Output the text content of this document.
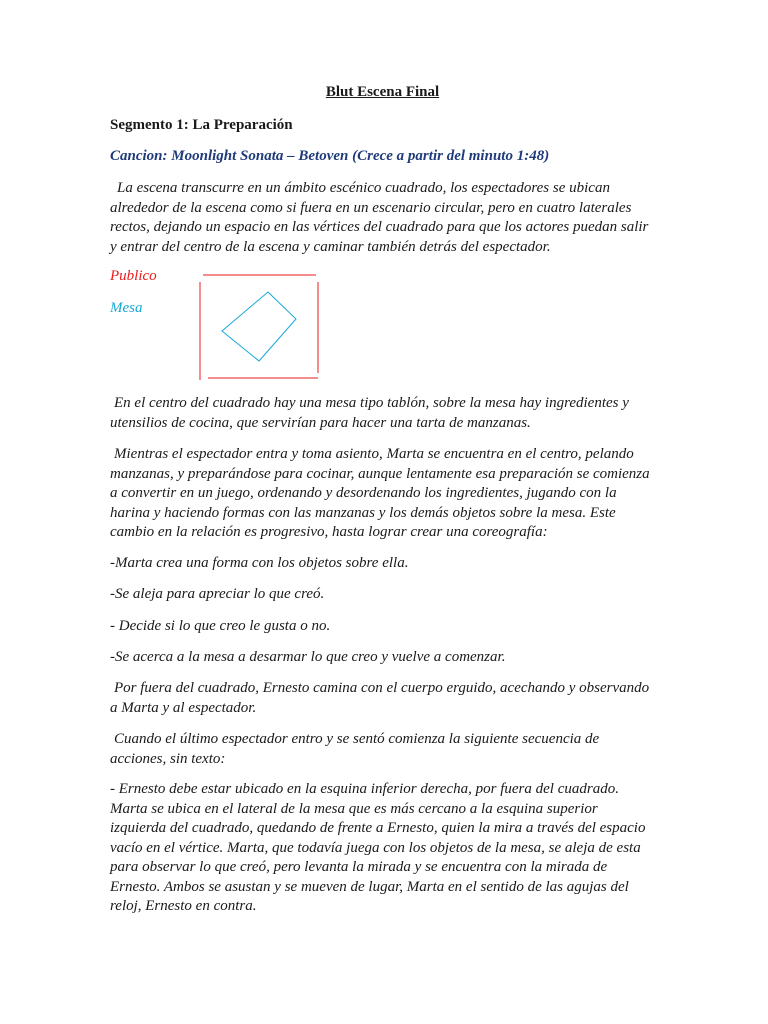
Blut Escena Final
Segmento 1: La Preparación
Cancion: Moonlight Sonata – Betoven (Crece a partir del minuto 1:48)

La escena transcurre en un ámbito escénico cuadrado, los espectadores se ubican alrededor de la escena como si fuera en un escenario circular, pero en cuatro laterales rectos, dejando un espacio en las vértices del cuadrado para que los actores puedan salir y entrar del centro de la escena y caminar también detrás del espectador.

Publico
Mesa

En el centro del cuadrado hay una mesa tipo tablón, sobre la mesa hay ingredientes y utensilios de cocina, que servirían para hacer una tarta de manzanas.

Mientras el espectador entra y toma asiento, Marta se encuentra en el centro, pelando manzanas, y preparándose para cocinar, aunque lentamente esa preparación se comienza a convertir en un juego, ordenando y desordenando los ingredientes, jugando con la harina y haciendo formas con las manzanas y los demás objetos sobre la mesa. Este cambio en la relación es progresivo, hasta lograr crear una coreografía:

-Marta crea una forma con los objetos sobre ella.

-Se aleja para apreciar lo que creó.

- Decide si lo que creo le gusta o no.

-Se acerca a la mesa a desarmar lo que creo y vuelve a comenzar.

Por fuera del cuadrado, Ernesto camina con el cuerpo erguido, acechando y observando a Marta y al espectador.

Cuando el último espectador entro y se sentó comienza la siguiente secuencia de acciones, sin texto:

- Ernesto debe estar ubicado en la esquina inferior derecha, por fuera del cuadrado. Marta se ubica en el lateral de la mesa que es más cercano a la esquina superior izquierda del cuadrado, quedando de frente a Ernesto, quien la mira a través del espacio vacío en el vértice. Marta, que todavía juega con los objetos de la mesa, se aleja de esta para observar lo que creó, pero levanta la mirada y se encuentra con la mirada de Ernesto. Ambos se asustan y se mueven de lugar, Marta en el sentido de las agujas del reloj, Ernesto en contra.
